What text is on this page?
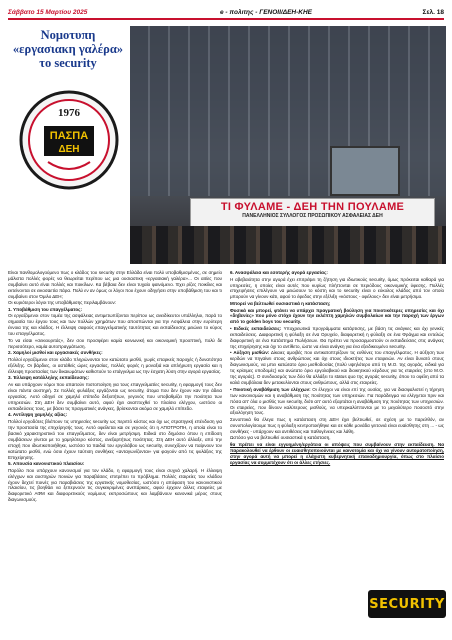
Σάββατο 15 Μαρτίου 2025	e - πολιτης - ΓΕΝΟΙΙ/ΔΕΗ-ΚΗΕ	Σελ. 18
Νομοτυπη «εργασιακη γαλέρα»
το security
1976
ΠΑΣΠΑ
ΔΕΗ
ΤΙ ΦΥΛΑΜΕ - ΔΕΗ ΤΗΝ ΠΟΥΛΑΜΕ
ΠΑΝΕΛΛΗΝΙΟΣ ΣΥΛΛΟΓΟΣ ΠΡΟΣΩΠΙΚΟΥ ΑΣΦΑΛΕΙΑΣ ΔΕΗ

Είναι πανθομολογούμενο πως ο κλάδος του security στην Ελλάδα είναι πολύ υποβαθμισμένος, σε σημείο μάλιστα πολλές φορές να θεωρείται περίπου ως μια ουσιαστικη «εργασιακή γαλέρα»... Οι αιτίες που συμβαίνει αυτό είναι πολλές και ποικίλων. Κα βέβαια δεν είναι τυχαίο φαινόμενο. Έχει ρίζες ποικίλες και εκτείνονται σε εικοσαετία πάρα. Πολύ εν αν όμως οι λόγοι που έχουν οδηγήσει στην υποβάθμιση του και τι συμβαίνει στον Όμιλο ΔΕΗ;

Οι κυριότεροι λόγοι της υποβάθμισης περιλαμβάνουν:

1. Υποβάθμιση του επαγγέλματος:

Οι εργαζόμενοι στον τομέα της ασφάλειας αντιμετωπίζονται περίπου ως ανειδίκευτοι υπάλληλοι, παρά το σημασία του έργου τους και των πολλών χρημάτων που αποσπώνται για την Ασφάλεια στην ευρύτερη έννοια της και κλάδος. Η έλλειψη σαφούς επαγγελματικής ταυτότητας και εκπαίδευσης μειώνει το κύρος του επαγγέλματος.

Το να είσαι «σεκιουριτάς», δεν σου προσφέρει καμία κοινωνική και οικονομική προοπτική, πολύ δε περισσότερο, καμία αυτοπραγμάτωση.

2. Χαμηλοί μισθοί και εργασιακές συνθήκες:

Πολλοί εργαζόμενοι στον κλάδο πληρώνονται τον κατώτατο μισθό, χωρίς επαρκείς παροχές ή δυνατότητα εξέλιξης. Οι βάρδιες, οι αστάθείς ώρες εργασίας, πολλές φορές η μοναξιά και απλήρωτη εργασία και η έλλειψη προστασίας των δικαιωμάτων καθιστούν το επάγγελμα ως την έσχατη λύση στην αγορά εργασίας.

3. Έλλειψη κατάλληλης εκπαίδευσης:

Αν και υπάρχουν νόμοι που απαιτούν πιστοποίηση για τους επαγγελματίες security, η εφαρμογή τους δεν είναι πάντα αυστηρή. Σε πολλές φυλάξεις εργάζονται ως security, άτομα που δεν έχουν καν την άδεια εργασίας. Αυτό οδηγεί σε χαμηλό επίπεδο δεξιοτήτων, γεγονός που υποβαθμίζει την ποιότητα των υπηρεσιών. Στη ΔΕΗ δεν συμβαίνει αυτό, αφού έχει αναπτυχθεί το πλαίσιο ελέγχου, ωστόσο οι εκπαιδεύσεις τους, με βάσει τις πραγματικές ανάγκες, βρίσκονται ακόμα σε χαμηλό επίπεδο.

4. Αντίληψη χαμηλής αξίας:

Πολλοί εργοδότες βλέπουν τις υπηρεσίες security ως περιττό κόστος και όχι ως στρατηγική επένδυση για την προστασία της επιχείρησής τους. Αυτό οφείλεται και σε γεγονός ότι η ΑΠΟΤΡΟΠΗ, η οποία είναι το βασικό χαρακτηριστικό του επαγγέλματος, δεν είναι μετρήσιμη. Ειδικά στο δημόσιο όπου η επίδοση συμβάσεων γίνεται με το χαμηλότερο κόστος, ανεξαρτήτως ποιότητας. Στη ΔΕΗ αυτό άλλαξε, από την εποχή που ιδιωτικοποιήθηκε, ωστόσο τα παιδιά του εργολάβου ως security, συνεχίζουν να παίρνουν τον κατώτατο μισθό, ενώ όσοι έχουν ταύτιση συνθήκες «ανταγωνίζονται» για φαγούν από τις φυλάξεις της Επιχείρησης.

5. Απουσία κανονιστικού πλαισίου:

Παρόλο που υπάρχουν κανονισμοί για τον κλάδο, η εφαρμογή τους είναι συχνά χαλαρή. Η έλλειψη ελέγχων και αυστηρών ποινών για παραβάσεις επιτρέπει το πρόβλημα. Πολλές εταιρείες του κλάδου έχουν δεχτεί ποινές για παραβιάσεις της εργατικής νομοθεσίας, ωστόσο η απόφαση του κανονιστικού πλαισίου, τις βοηθάει να ξεπερνούν τις συγκεκριμένες ανεπάρκεις, αφού έρχουν άλλες εταιρείες με διαφορετικό ΑΦΜ και διαφορετικούς νομίμους εκπροσώπους και λαμβάνουν κανονικά μέρος στους διαγωνισμούς.

6. Ανασφάλεια και εσοτερής αγορά εργασίας:

Η αβεβαιότητα στην αγορά έχει επιτρέψει τη ζήτηση για ιδιωτικούς security, όμως πρόκειται καθαρά για υπηρεσίες, η οποίες είναι αυτές που κυρίως πλήττονται σε περιόδους οικονομικής ύφεσης. Πολλές επιχειρήσεις επιλέγουν να μειώσουν το κόστη και το security είναι ο εύκολος κλάδος από τον οποίο μπορούν να γίνουν κάτι, αφού το έφεδος στην εξέλιξη «κόστους - οφέλους» δεν είναι μετρήσιμο.

Μπορεί να βελτιωθεί ουσιαστικά η κατάσταση;

Φυσικά και μπορεί, φτάνει να υπάρχει πραγματική βούληση για ποιοτικότερες υπηρεσίες και όχι «δηβενίες» που μόνο στόχο έχουν την εκλέπτη χαμηλών συμβολαίων και την παροχή των έργων από το golden boys του security.

• Ειδικές εκπαιδεύσεις: Υποχρεωτικά προγράμματα κατάρτισης, με βάση τις ανάγκες και όχι γενικές εκπαιδεύσεις. Διαφορετική η φύλαξη σε ένα Ορυχείο, διαφορετική η φύλαξη σε ένα Φράγμα και εντελώς διαφορετική σε ένα Κατάστημα Πωλήσεων. Θα πρέπει να προσαρμοστούν οι εκπαιδεύσεις στις ανάγκες της επιχείρησης και όχι το αντίθετο, ώστε να είναι ανάγκη για ένα εξειδικευμένο security.
• Αύξηση μισθών: Δίκαιες αμοιβές που αντικατοπτρίζουν τις ευθύνες του επαγγέλματος. Η αύξηση των κερδών να πηγαίνει στους ανθρώπους και όχι στους ιδιοκτήτες των εταιρειών. Αν είναι δυνατό στους διαγωνισμούς, να μπει κατώτατο όριο μισθοδοσίας (πολύ υψηλότερο από τη Μ.Ο. της αγοράς, ειδικά για τις κρίσιμες υποδομές) και ανώτατο όριο εργολαβικού και διοικητικού κέρδους για τις εταιρείες (στο Μ.Ο. της αγοράς). Ο συνδυασμός των δύο θα αλλάξει το status quo της αγοράς security, όπου το οφέλη από τα καλά συμβόλαια δεν μετακυλίονται στους ανθρώπους, αλλά στις εταιρείες.
• Ποιοτική αναβάθμιση των ελέγχων: Οι έλεγχοι να είναι επί της ουσίας, για να διασφαλιστεί η τήρηση των κανονισμών και η αναβάθμιση της ποιότητας των υπηρεσιών. Για παράδειγμα να ελέγχεται πριν και πόσα απ' όλα ο μισθός των security, διότι απ' αυτό εξαρτάται η αναβάθμιση της ποιότητας των υπηρεσιών. Οι εταιρείες, που δίνουν καλύτερους μισθούς, να υπερκαλύπτονται με το μεγαλύτερο ποσοστό στην αξιολόγηση τους.

Συνοπτικά θα έλεγα πως η κατάσταση στη ΔΕΗ έχει βελτιωθεί, σε σχέση με το παρελθόν, αν συνυπολογίσουμε πως η φύλαξη κεντροποιήθηκε και σε κάθε μονάδα γειτονιά είναι ευαίσθητης στη ... - ως συνθήκες - υπάρχουν και αντιθέσεις και παθογένειες και λάθη.

Ωστόσο για να βελτιωθεί ουσιαστικά η κατάσταση,

θα πρέπει να είναι εγγυημένη/εργάτεια οι απόψεις που συμβαίνουν στην εκπαίδευση. Να παρακολουθεί να έρθουν οι ευαισθητοποιούνται με καινοτομία και όχι να γίνουν αυτοματοποίηση, στην αγορά αυτή να μπορεί η ελάχιστη κυβερνητική επαναδημιουργία, όπως στο πλαίσιο εργασίας να συμμετέχουν ότι οι άλλες ετήσιες.

SECURITY
